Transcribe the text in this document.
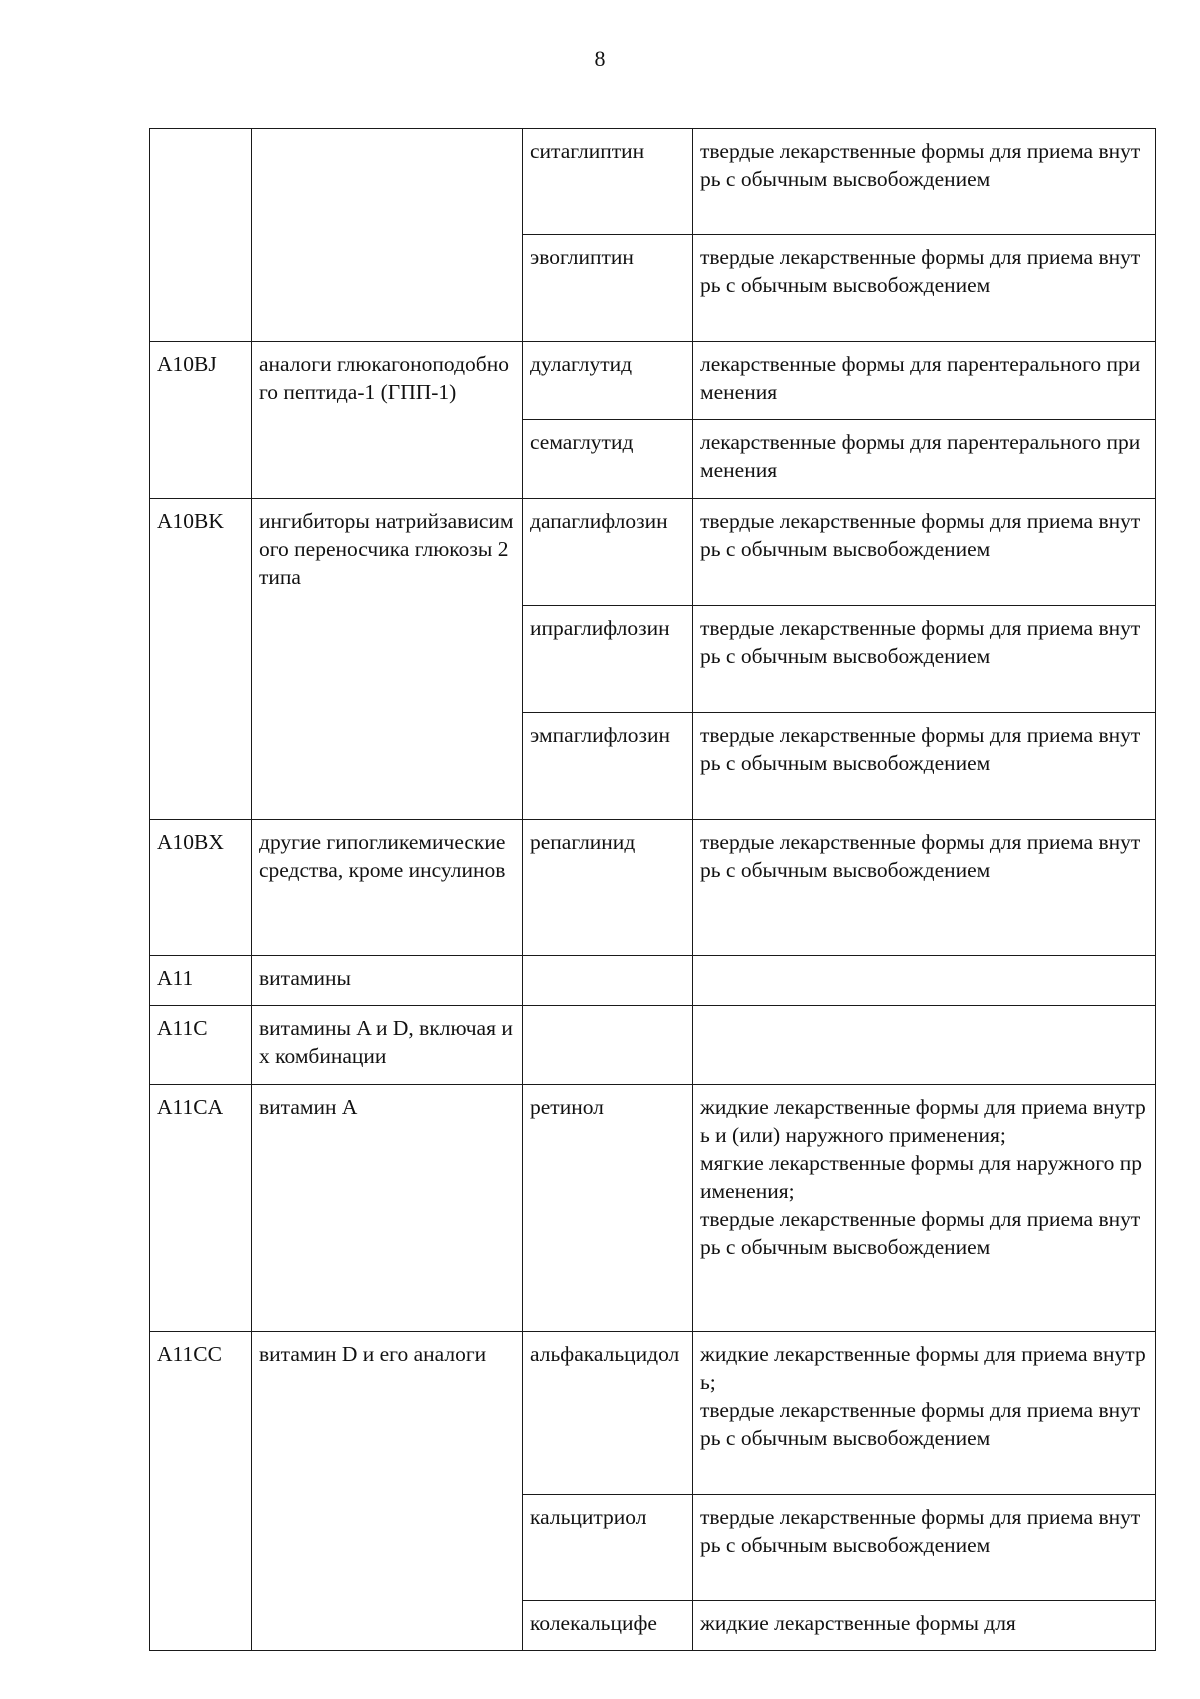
8
		ситаглиптин	твердые лекарственные формы для приема внутрь с обычным высвобождением

		эвоглиптин	твердые лекарственные формы для приема внутрь с обычным высвобождением

A10BJ	аналоги глюкагоноподобного пептида-1 (ГПП-1)	дулаглутид	лекарственные формы для парентерального применения

		семаглутид	лекарственные формы для парентерального применения

A10BK	ингибиторы натрийзависимого переносчика глюкозы 2 типа	дапаглифлозин	твердые лекарственные формы для приема внутрь с обычным высвобождением

		ипраглифлозин	твердые лекарственные формы для приема внутрь с обычным высвобождением

		эмпаглифлозин	твердые лекарственные формы для приема внутрь с обычным высвобождением

A10BX	другие гипогликемические средства, кроме инсулинов	репаглинид	твердые лекарственные формы для приема внутрь с обычным высвобождением

A11	витамины		
A11C	витамины A и D, включая их комбинации		
A11CA	витамин A	ретинол	жидкие лекарственные формы для приема внутрь и (или) наружного применения;
мягкие лекарственные формы для наружного применения;
твердые лекарственные формы для приема внутрь с обычным высвобождением

A11CC	витамин D и его аналоги	альфакальцидол	жидкие лекарственные формы для приема внутрь;
твердые лекарственные формы для приема внутрь с обычным высвобождением

		кальцитриол	твердые лекарственные формы для приема внутрь с обычным высвобождением

		колекальцифе	жидкие лекарственные формы для
